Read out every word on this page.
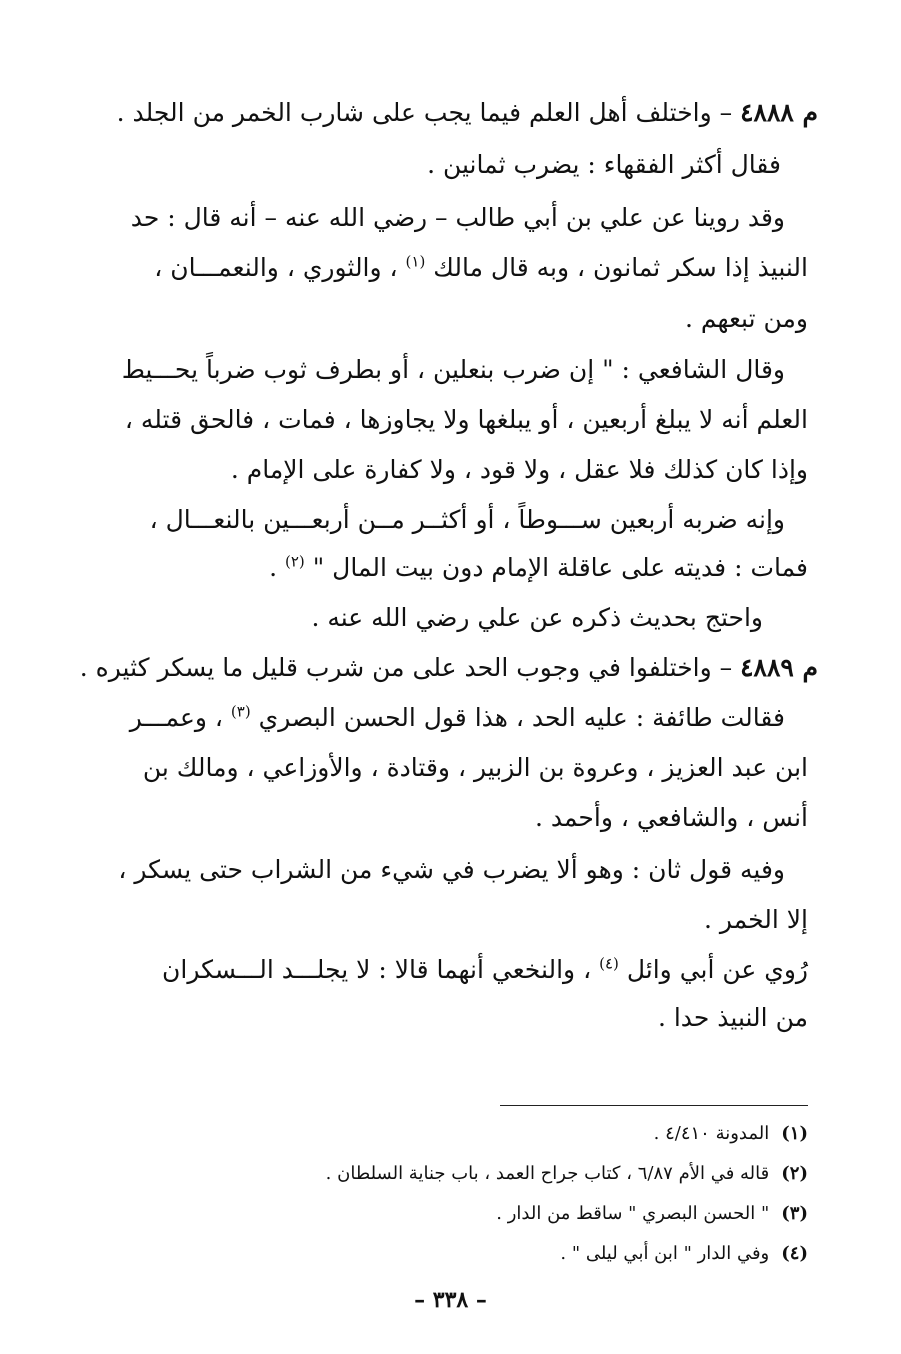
م ٤٨٨٨ – واختلف أهل العلم فيما يجب على شارب الخمر من الجلد .
فقال أكثر الفقهاء : يضرب ثمانين .
وقد روينا عن علي بن أبي طالب – رضي الله عنه – أنه قال : حد
النبيذ إذا سكر ثمانون ، وبه قال مالك $^{(١)}$ ، والثوري ، والنعمـــان ،
ومن تبعهم .
وقال الشافعي : " إن ضرب بنعلين ، أو بطرف ثوب ضرباً يحـــيط
العلم أنه لا يبلغ أربعين ، أو يبلغها ولا يجاوزها ، فمات ، فالحق قتله ،
وإذا كان كذلك فلا عقل ، ولا قود ، ولا كفارة على الإمام .
وإنه ضربه أربعين ســـوطاً ، أو أكثــر مــن أربعـــين بالنعـــال ،
فمات : فديته على عاقلة الإمام دون بيت المال " $^{(٢)}$ .
واحتج بحديث ذكره عن علي رضي الله عنه .
م ٤٨٨٩ – واختلفوا في وجوب الحد على من شرب قليل ما يسكر كثيره .
فقالت طائفة : عليه الحد ، هذا قول الحسن البصري $^{(٣)}$ ، وعمـــر
ابن عبد العزيز ، وعروة بن الزبير ، وقتادة ، والأوزاعي ، ومالك بن
أنس ، والشافعي ، وأحمد .
وفيه قول ثان : وهو ألا يضرب في شيء من الشراب حتى يسكر ،
إلا الخمر .
رُوي عن أبي وائل $^{(٤)}$ ، والنخعي أنهما قالا : لا يجلـــد الـــسكران
من النبيذ حدا .
(١)المدونة ٤/٤١٠ .
(٢)قاله في الأم ٦/٨٧ ، كتاب جراح العمد ، باب جناية السلطان .
(٣)" الحسن البصري " ساقط من الدار .
(٤)وفي الدار " ابن أبي ليلى " .
– ٣٣٨ –
